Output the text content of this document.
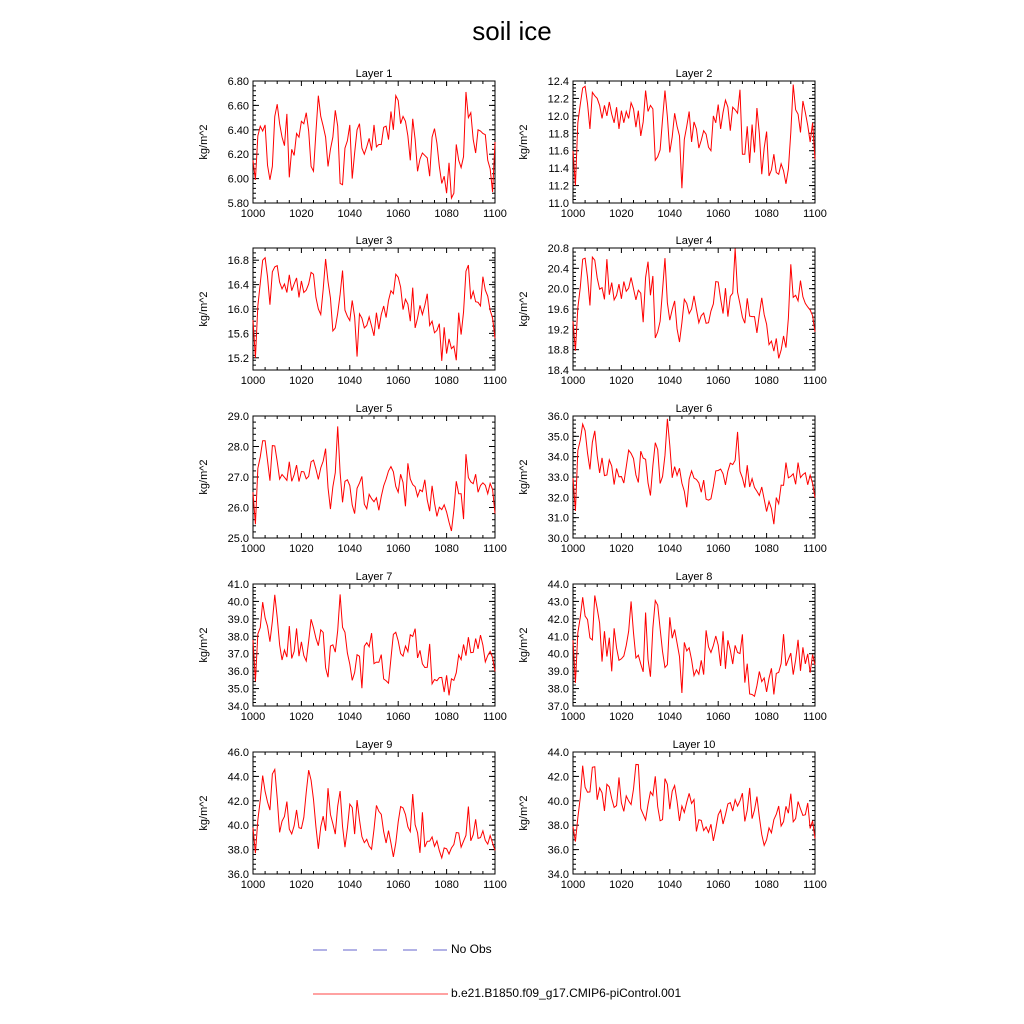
soil ice
Layer 1
1000 1020 1040 1060 1080 1100
5.80
6.00
6.20
6.40
6.60
6.80
kg/m^2
Layer 2
1000 1020 1040 1060 1080 1100
11.0
11.2
11.4
11.6
11.8
12.0
12.2
12.4
kg/m^2
Layer 3
1000 1020 1040 1060 1080 1100
15.2
15.6
16.0
16.4
16.8
kg/m^2
Layer 4
1000 1020 1040 1060 1080 1100
18.4
18.8
19.2
19.6
20.0
20.4
20.8
kg/m^2
Layer 5
1000 1020 1040 1060 1080 1100
25.0
26.0
27.0
28.0
29.0
kg/m^2
Layer 6
1000 1020 1040 1060 1080 1100
30.0
31.0
32.0
33.0
34.0
35.0
36.0
kg/m^2
Layer 7
1000 1020 1040 1060 1080 1100
34.0
35.0
36.0
37.0
38.0
39.0
40.0
41.0
kg/m^2
Layer 8
1000 1020 1040 1060 1080 1100
37.0
38.0
39.0
40.0
41.0
42.0
43.0
44.0
kg/m^2
Layer 9
1000 1020 1040 1060 1080 1100
36.0
38.0
40.0
42.0
44.0
46.0
kg/m^2
Layer 10
1000 1020 1040 1060 1080 1100
34.0
36.0
38.0
40.0
42.0
44.0
kg/m^2
No Obs
b.e21.B1850.f09_g17.CMIP6-piControl.001
